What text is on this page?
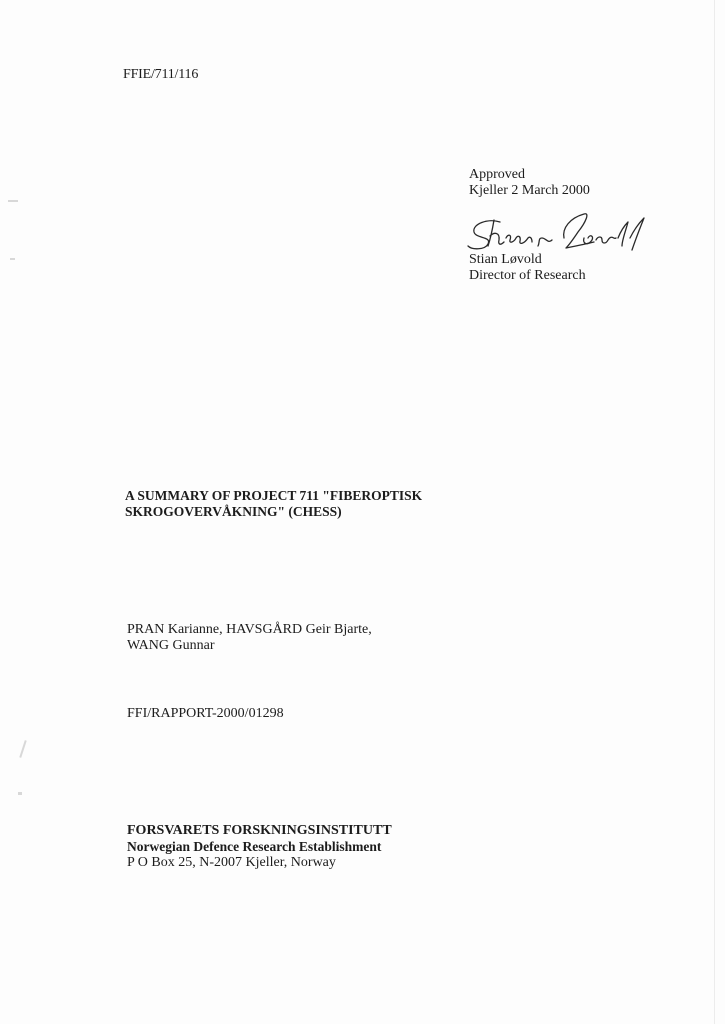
FFIE/711/116
Approved
Kjeller 2 March 2000
Stian Løvold
Director of Research
A SUMMARY OF PROJECT 711 "FIBEROPTISK
SKROGOVERVÅKNING" (CHESS)
PRAN Karianne, HAVSGÅRD Geir Bjarte,
WANG Gunnar
FFI/RAPPORT-2000/01298
FORSVARETS FORSKNINGSINSTITUTT
Norwegian Defence Research Establishment
P O Box 25, N-2007 Kjeller, Norway
